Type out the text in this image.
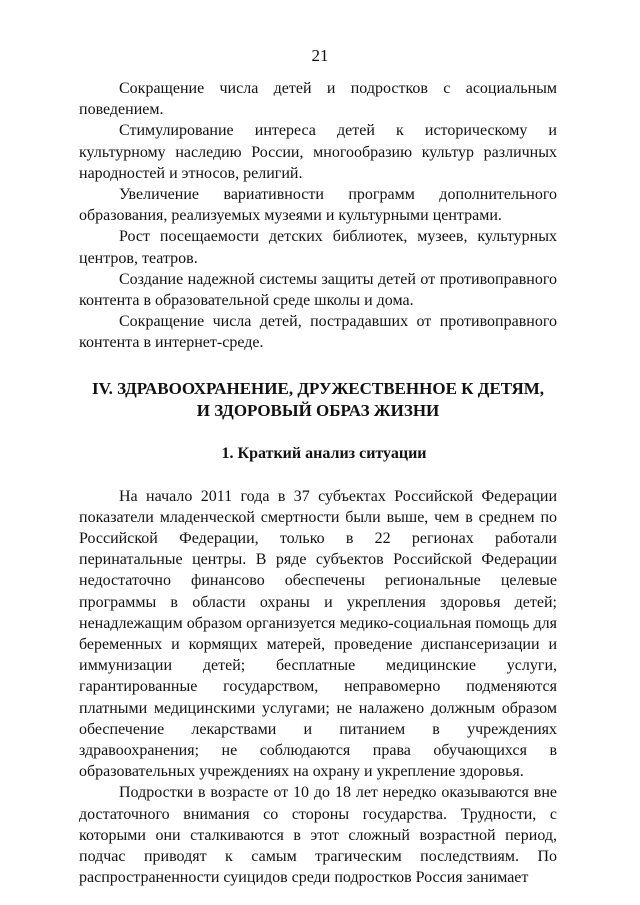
21

Сокращение числа детей и подростков с асоциальным поведением.

Стимулирование интереса детей к историческому и культурному наследию России, многообразию культур различных народностей и этносов, религий.

Увеличение вариативности программ дополнительного образования, реализуемых музеями и культурными центрами.

Рост посещаемости детских библиотек, музеев, культурных центров, театров.

Создание надежной системы защиты детей от противоправного контента в образовательной среде школы и дома.

Сокращение числа детей, пострадавших от противоправного контента в интернет-среде.

IV. ЗДРАВООХРАНЕНИЕ, ДРУЖЕСТВЕННОЕ К ДЕТЯМ,
И ЗДОРОВЫЙ ОБРАЗ ЖИЗНИ
1. Краткий анализ ситуации

На начало 2011 года в 37 субъектах Российской Федерации показатели младенческой смертности были выше, чем в среднем по Российской Федерации, только в 22 регионах работали перинатальные центры. В ряде субъектов Российской Федерации недостаточно финансово обеспечены региональные целевые программы в области охраны и укрепления здоровья детей; ненадлежащим образом организуется медико-социальная помощь для беременных и кормящих матерей, проведение диспансеризации и иммунизации детей; бесплатные медицинские услуги, гарантированные государством, неправомерно подменяются платными медицинскими услугами; не налажено должным образом обеспечение лекарствами и питанием в учреждениях здравоохранения; не соблюдаются права обучающихся в образовательных учреждениях на охрану и укрепление здоровья.

Подростки в возрасте от 10 до 18 лет нередко оказываются вне достаточного внимания со стороны государства. Трудности, с которыми они сталкиваются в этот сложный возрастной период, подчас приводят к самым трагическим последствиям. По распространенности суицидов среди подростков Россия занимает
